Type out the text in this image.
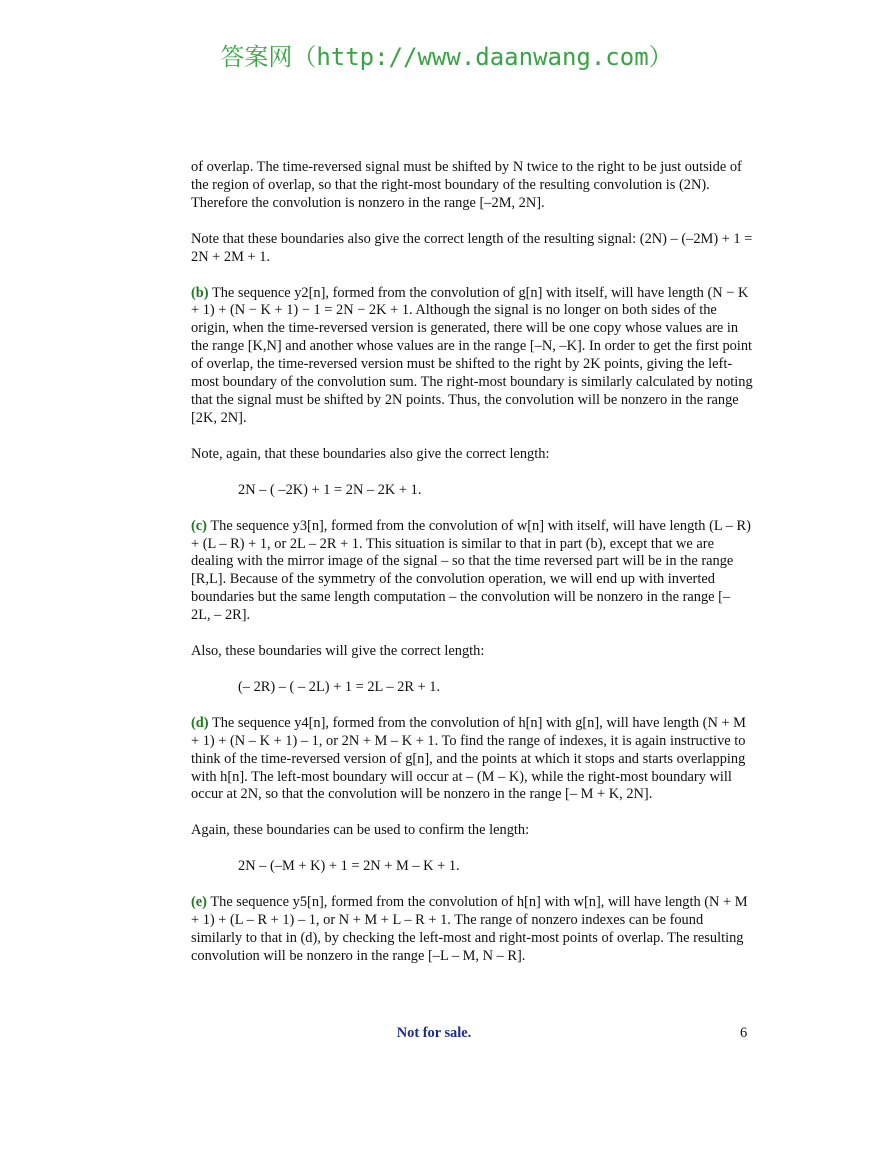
答案网（http://www.daanwang.com）

of overlap. The time-reversed signal must be shifted by N twice to the right to be just outside of the region of overlap, so that the right-most boundary of the resulting convolution is (2N). Therefore the convolution is nonzero in the range [–2M, 2N].

Note that these boundaries also give the correct length of the resulting signal: (2N) – (–2M) + 1 = 2N + 2M + 1.

(b) The sequence y2[n], formed from the convolution of g[n] with itself, will have length (N − K + 1) + (N − K + 1) − 1 = 2N − 2K + 1. Although the signal is no longer on both sides of the origin, when the time-reversed version is generated, there will be one copy whose values are in the range [K,N] and another whose values are in the range [–N, –K]. In order to get the first point of overlap, the time-reversed version must be shifted to the right by 2K points, giving the left-most boundary of the convolution sum. The right-most boundary is similarly calculated by noting that the signal must be shifted by 2N points. Thus, the convolution will be nonzero in the range [2K, 2N].

Note, again, that these boundaries also give the correct length:

2N – ( –2K) + 1 = 2N – 2K + 1.

(c) The sequence y3[n], formed from the convolution of w[n] with itself, will have length (L – R) + (L – R) + 1, or 2L – 2R + 1. This situation is similar to that in part (b), except that we are dealing with the mirror image of the signal – so that the time reversed part will be in the range [R,L]. Because of the symmetry of the convolution operation, we will end up with inverted boundaries but the same length computation – the convolution will be nonzero in the range [– 2L, – 2R].

Also, these boundaries will give the correct length:

(– 2R) – ( – 2L) + 1 = 2L – 2R + 1.

(d) The sequence y4[n], formed from the convolution of h[n] with g[n], will have length (N + M + 1) + (N – K + 1) – 1, or 2N + M – K + 1. To find the range of indexes, it is again instructive to think of the time-reversed version of g[n], and the points at which it stops and starts overlapping with h[n]. The left-most boundary will occur at – (M – K), while the right-most boundary will occur at 2N, so that the convolution will be nonzero in the range [– M + K, 2N].

Again, these boundaries can be used to confirm the length:

2N – (–M + K) + 1 = 2N + M – K + 1.

(e) The sequence y5[n], formed from the convolution of h[n] with w[n], will have length (N + M + 1) + (L – R + 1) – 1, or N + M + L – R + 1. The range of nonzero indexes can be found similarly to that in (d), by checking the left-most and right-most points of overlap. The resulting convolution will be nonzero in the range [–L – M, N – R].

Not for sale.	6
